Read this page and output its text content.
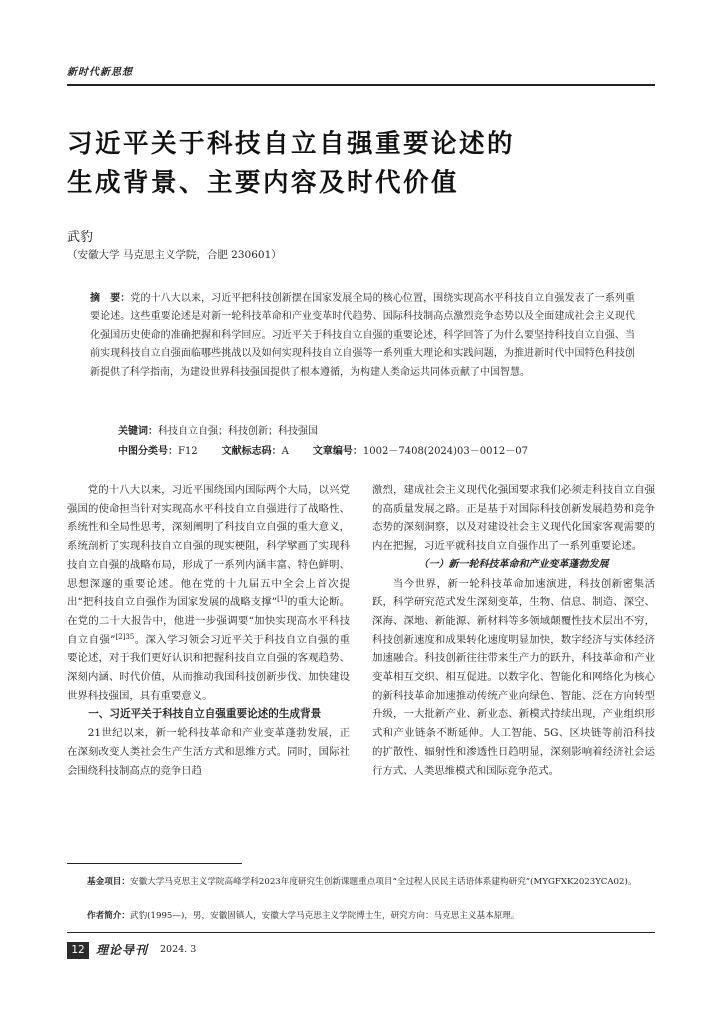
新时代新思想
习近平关于科技自立自强重要论述的
生成背景、主要内容及时代价值
武豹
（安徽大学 马克思主义学院，合肥 230601）
摘　要：党的十八大以来，习近平把科技创新摆在国家发展全局的核心位置，围绕实现高水平科技自立自强发表了一系列重要论述。这些重要论述是对新一轮科技革命和产业变革时代趋势、国际科技制高点激烈竞争态势以及全面建成社会主义现代化强国历史使命的准确把握和科学回应。习近平关于科技自立自强的重要论述，科学回答了为什么要坚持科技自立自强、当前实现科技自立自强面临哪些挑战以及如何实现科技自立自强等一系列重大理论和实践问题，为推进新时代中国特色科技创新提供了科学指南，为建设世界科技强国提供了根本遵循，为构建人类命运共同体贡献了中国智慧。
关键词：科技自立自强；科技创新；科技强国
中图分类号：F12 文献标志码：A 文章编号：1002－7408(2024)03－0012－07

党的十八大以来，习近平围绕国内国际两个大局，以兴党强国的使命担当针对实现高水平科技自立自强进行了战略性、系统性和全局性思考，深刻阐明了科技自立自强的重大意义，系统剖析了实现科技自立自强的现实梗阻，科学擘画了实现科技自立自强的战略布局，形成了一系列内涵丰富、特色鲜明、思想深邃的重要论述。他在党的十九届五中全会上首次提出“把科技自立自强作为国家发展的战略支撑”[1]的重大论断。在党的二十大报告中，他进一步强调要“加快实现高水平科技自立自强”$^{[2]35}$。深入学习领会习近平关于科技自立自强的重要论述，对于我们更好认识和把握科技自立自强的客观趋势、深刻内涵、时代价值，从而推动我国科技创新步伐、加快建设世界科技强国，具有重要意义。

一、习近平关于科技自立自强重要论述的生成背景

21世纪以来，新一轮科技革命和产业变革蓬勃发展，正在深刻改变人类社会生产生活方式和思维方式。同时，国际社会围绕科技制高点的竞争日趋

激烈，建成社会主义现代化强国要求我们必须走科技自立自强的高质量发展之路。正是基于对国际科技创新发展趋势和竞争态势的深刻洞察，以及对建设社会主义现代化国家客观需要的内在把握，习近平就科技自立自强作出了一系列重要论述。

（一）新一轮科技革命和产业变革蓬勃发展

当今世界，新一轮科技革命加速演进，科技创新密集活跃，科学研究范式发生深刻变革，生物、信息、制造、深空、深海、深地、新能源、新材料等多领域颠覆性技术层出不穷，科技创新速度和成果转化速度明显加快，数字经济与实体经济加速融合。科技创新往往带来生产力的跃升，科技革命和产业变革相互交织、相互促进。以数字化、智能化和网络化为核心的新科技革命加速推动传统产业向绿色、智能、泛在方向转型升级，一大批新产业、新业态、新模式持续出现，产业组织形式和产业链条不断延伸。人工智能、5G、区块链等前沿科技的扩散性、辐射性和渗透性日趋明显，深刻影响着经济社会运行方式、人类思维模式和国际竞争范式。

基金项目：安徽大学马克思主义学院高峰学科2023年度研究生创新课题重点项目“全过程人民民主话语体系建构研究”(MYGFXK2023YCA02)。
作者简介：武豹(1995—)，男，安徽固镇人，安徽大学马克思主义学院博士生，研究方向：马克思主义基本原理。
12 理论导刊 2024. 3
